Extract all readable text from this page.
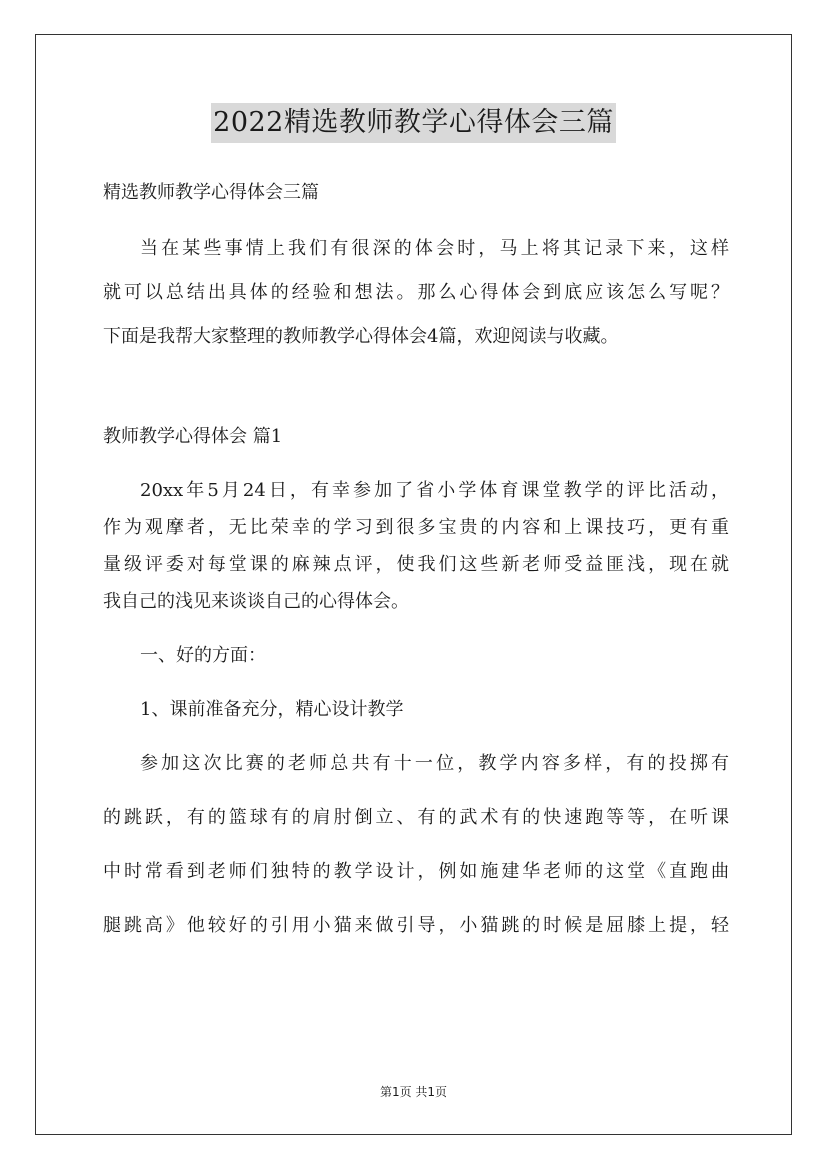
2022精选教师教学心得体会三篇
精选教师教学心得体会三篇
当在某些事情上我们有很深的体会时，马上将其记录下来，这样
就可以总结出具体的经验和想法。那么心得体会到底应该怎么写呢？
下面是我帮大家整理的教师教学心得体会4篇，欢迎阅读与收藏。
教师教学心得体会 篇1
20xx年5月24日，有幸参加了省小学体育课堂教学的评比活动，
作为观摩者，无比荣幸的学习到很多宝贵的内容和上课技巧，更有重
量级评委对每堂课的麻辣点评，使我们这些新老师受益匪浅，现在就
我自己的浅见来谈谈自己的心得体会。
一、好的方面：
1、课前准备充分，精心设计教学
参加这次比赛的老师总共有十一位，教学内容多样，有的投掷有
的跳跃，有的篮球有的肩肘倒立、有的武术有的快速跑等等，在听课
中时常看到老师们独特的教学设计，例如施建华老师的这堂《直跑曲
腿跳高》他较好的引用小猫来做引导，小猫跳的时候是屈膝上提，轻
第1页 共1页
